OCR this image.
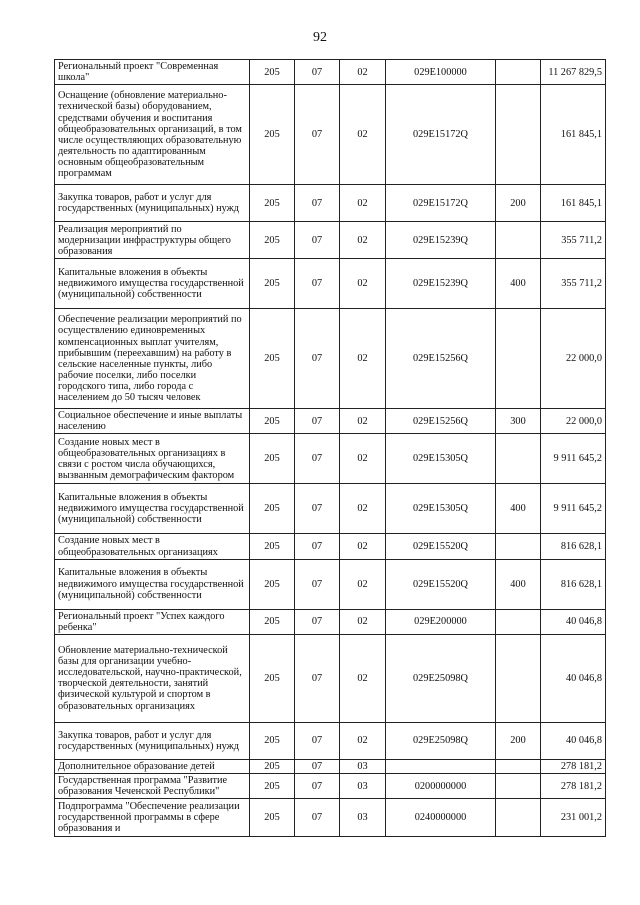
92
Региональный проект "Современная школа"	205	07	02	029E100000		11 267 829,5
Оснащение (обновление материально-технической базы) оборудованием, средствами обучения и воспитания общеобразовательных организаций, в том числе осуществляющих образовательную деятельность по адаптированным основным общеобразовательным программам	205	07	02	029E15172Q		161 845,1
Закупка товаров, работ и услуг для государственных (муниципальных) нужд	205	07	02	029E15172Q	200	161 845,1
Реализация мероприятий по модернизации инфраструктуры общего образования	205	07	02	029E15239Q		355 711,2
Капитальные вложения в объекты недвижимого имущества государственной (муниципальной) собственности	205	07	02	029E15239Q	400	355 711,2
Обеспечение реализации мероприятий по осуществлению единовременных компенсационных выплат учителям, прибывшим (переехавшим) на работу в сельские населенные пункты, либо рабочие поселки, либо поселки городского типа, либо города с населением до 50 тысяч человек	205	07	02	029E15256Q		22 000,0
Социальное обеспечение и иные выплаты населению	205	07	02	029E15256Q	300	22 000,0
Создание новых мест в общеобразовательных организациях в связи с ростом числа обучающихся, вызванным демографическим фактором	205	07	02	029E15305Q		9 911 645,2
Капитальные вложения в объекты недвижимого имущества государственной (муниципальной) собственности	205	07	02	029E15305Q	400	9 911 645,2
Создание новых мест в общеобразовательных организациях	205	07	02	029E15520Q		816 628,1
Капитальные вложения в объекты недвижимого имущества государственной (муниципальной) собственности	205	07	02	029E15520Q	400	816 628,1
Региональный проект "Успех каждого ребенка"	205	07	02	029E200000		40 046,8
Обновление материально-технической базы для организации учебно-исследовательской, научно-практической, творческой деятельности, занятий физической культурой и спортом в образовательных организациях	205	07	02	029E25098Q		40 046,8
Закупка товаров, работ и услуг для государственных (муниципальных) нужд	205	07	02	029E25098Q	200	40 046,8
Дополнительное образование детей	205	07	03			278 181,2
Государственная программа "Развитие образования Чеченской Республики"	205	07	03	0200000000		278 181,2
Подпрограмма "Обеспечение реализации государственной программы в сфере образования и	205	07	03	0240000000		231 001,2
